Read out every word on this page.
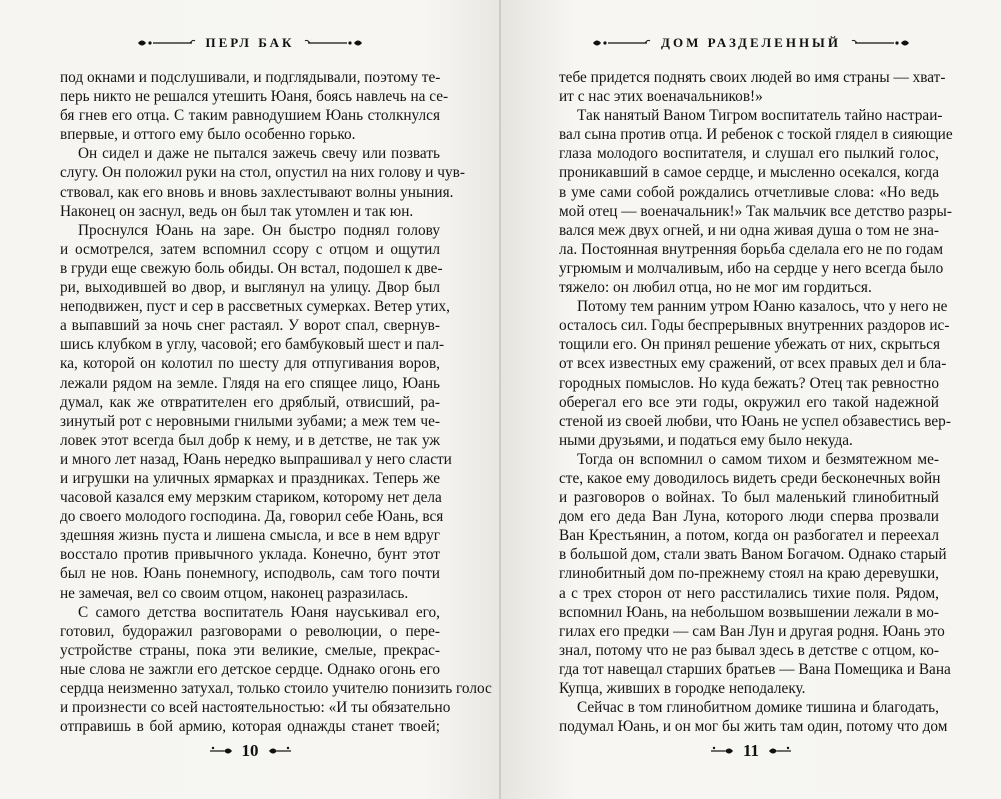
ПЕРЛ БАК
под окнами и подслушивали, и подглядывали, поэтому те-
перь никто не решался утешить Юаня, боясь навлечь на се-
бя гнев его отца. С таким равнодушием Юань столкнулся
впервые, и оттого ему было особенно горько.
Он сидел и даже не пытался зажечь свечу или позвать
слугу. Он положил руки на стол, опустил на них голову и чув-
ствовал, как его вновь и вновь захлестывают волны уныния.
Наконец он заснул, ведь он был так утомлен и так юн.
Проснулся Юань на заре. Он быстро поднял голову
и осмотрелся, затем вспомнил ссору с отцом и ощутил
в груди еще свежую боль обиды. Он встал, подошел к две-
ри, выходившей во двор, и выглянул на улицу. Двор был
неподвижен, пуст и сер в рассветных сумерках. Ветер утих,
а выпавший за ночь снег растаял. У ворот спал, свернув-
шись клубком в углу, часовой; его бамбуковый шест и пал-
ка, которой он колотил по шесту для отпугивания воров,
лежали рядом на земле. Глядя на его спящее лицо, Юань
думал, как же отвратителен его дряблый, отвисший, ра-
зинутый рот с неровными гнилыми зубами; а меж тем че-
ловек этот всегда был добр к нему, и в детстве, не так уж
и много лет назад, Юань нередко выпрашивал у него сласти
и игрушки на уличных ярмарках и праздниках. Теперь же
часовой казался ему мерзким стариком, которому нет дела
до своего молодого господина. Да, говорил себе Юань, вся
здешняя жизнь пуста и лишена смысла, и все в нем вдруг
восстало против привычного уклада. Конечно, бунт этот
был не нов. Юань понемногу, исподволь, сам того почти
не замечая, вел со своим отцом, наконец разразилась.
С самого детства воспитатель Юаня науськивал его,
готовил, будоражил разговорами о революции, о пере-
устройстве страны, пока эти великие, смелые, прекрас-
ные слова не зажгли его детское сердце. Однако огонь его
сердца неизменно затухал, только стоило учителю понизить голос
и произнести со всей настоятельностью: «И ты обязательно
отправишь в бой армию, которая однажды станет твоей;
10
ДОМ РАЗДЕЛЕННЫЙ
тебе придется поднять своих людей во имя страны — хват-
ит с нас этих военачальников!»
Так нанятый Ваном Тигром воспитатель тайно настраи-
вал сына против отца. И ребенок с тоской глядел в сияющие
глаза молодого воспитателя, и слушал его пылкий голос,
проникавший в самое сердце, и мысленно осекался, когда
в уме сами собой рождались отчетливые слова: «Но ведь
мой отец — военачальник!» Так мальчик все детство разры-
вался меж двух огней, и ни одна живая душа о том не зна-
ла. Постоянная внутренняя борьба сделала его не по годам
угрюмым и молчаливым, ибо на сердце у него всегда было
тяжело: он любил отца, но не мог им гордиться.
Потому тем ранним утром Юаню казалось, что у него не
осталось сил. Годы беспрерывных внутренних раздоров ис-
тощили его. Он принял решение убежать от них, скрыться
от всех известных ему сражений, от всех правых дел и бла-
городных помыслов. Но куда бежать? Отец так ревностно
оберегал его все эти годы, окружил его такой надежной
стеной из своей любви, что Юань не успел обзавестись вер-
ными друзьями, и податься ему было некуда.
Тогда он вспомнил о самом тихом и безмятежном ме-
сте, какое ему доводилось видеть среди бесконечных войн
и разговоров о войнах. То был маленький глинобитный
дом его деда Ван Луна, которого люди сперва прозвали
Ван Крестьянин, а потом, когда он разбогател и переехал
в большой дом, стали звать Ваном Богачом. Однако старый
глинобитный дом по-прежнему стоял на краю деревушки,
а с трех сторон от него расстилались тихие поля. Рядом,
вспомнил Юань, на небольшом возвышении лежали в мо-
гилах его предки — сам Ван Лун и другая родня. Юань это
знал, потому что не раз бывал здесь в детстве с отцом, ко-
гда тот навещал старших братьев — Вана Помещика и Вана
Купца, живших в городке неподалеку.
Сейчас в том глинобитном домике тишина и благодать,
подумал Юань, и он мог бы жить там один, потому что дом
11
